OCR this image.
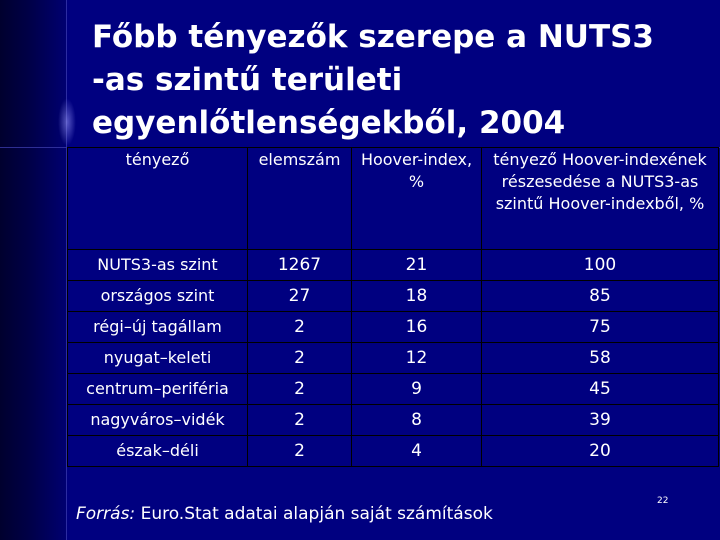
Főbb tényezők szerepe a NUTS3
-as szintű területi
egyenlőtlenségekből, 2004
tényező	elemszám	Hoover-index, %	tényező Hoover-indexének részesedése a NUTS3-as szintű Hoover-indexből, %
NUTS3-as szint	1267	21	100
országos szint	27	18	85
régi–új tagállam	2	16	75
nyugat–keleti	2	12	58
centrum–periféria	2	9	45
nagyváros–vidék	2	8	39
észak–déli	2	4	20
Forrás: Euro.Stat adatai alapján saját számítások
22
